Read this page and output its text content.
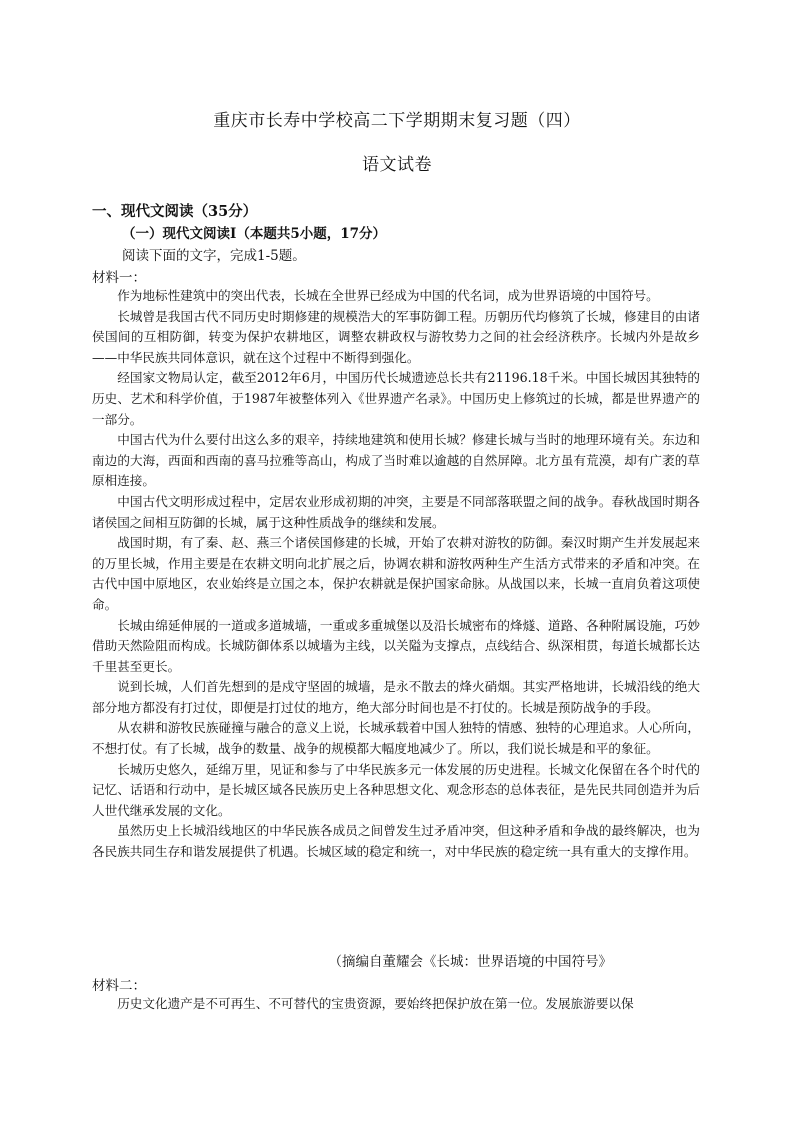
重庆市长寿中学校高二下学期期末复习题（四）
语文试卷
一、现代文阅读（35分）
（一）现代文阅读Ⅰ（本题共5小题，17分）
阅读下面的文字，完成1-5题。
材料一：

作为地标性建筑中的突出代表，长城在全世界已经成为中国的代名词，成为世界语境的中国符号。

长城曾是我国古代不同历史时期修建的规模浩大的军事防御工程。历朝历代均修筑了长城，修建目的由诸侯国间的互相防御，转变为保护农耕地区，调整农耕政权与游牧势力之间的社会经济秩序。长城内外是故乡——中华民族共同体意识，就在这个过程中不断得到强化。

经国家文物局认定，截至2012年6月，中国历代长城遗迹总长共有21196.18千米。中国长城因其独特的历史、艺术和科学价值，于1987年被整体列入《世界遗产名录》。中国历史上修筑过的长城，都是世界遗产的一部分。

中国古代为什么要付出这么多的艰辛，持续地建筑和使用长城？修建长城与当时的地理环境有关。东边和南边的大海，西面和西南的喜马拉雅等高山，构成了当时难以逾越的自然屏障。北方虽有荒漠，却有广袤的草原相连接。

中国古代文明形成过程中，定居农业形成初期的冲突，主要是不同部落联盟之间的战争。春秋战国时期各诸侯国之间相互防御的长城，属于这种性质战争的继续和发展。

战国时期，有了秦、赵、燕三个诸侯国修建的长城，开始了农耕对游牧的防御。秦汉时期产生并发展起来的万里长城，作用主要是在农耕文明向北扩展之后，协调农耕和游牧两种生产生活方式带来的矛盾和冲突。在古代中国中原地区，农业始终是立国之本，保护农耕就是保护国家命脉。从战国以来，长城一直肩负着这项使命。

长城由绵延伸展的一道或多道城墙，一重或多重城堡以及沿长城密布的烽燧、道路、各种附属设施，巧妙借助天然险阻而构成。长城防御体系以城墙为主线，以关隘为支撑点，点线结合、纵深相贯，每道长城都长达千里甚至更长。

说到长城，人们首先想到的是戍守坚固的城墙，是永不散去的烽火硝烟。其实严格地讲，长城沿线的绝大部分地方都没有打过仗，即便是打过仗的地方，绝大部分时间也是不打仗的。长城是预防战争的手段。

从农耕和游牧民族碰撞与融合的意义上说，长城承载着中国人独特的情感、独特的心理追求。人心所向，不想打仗。有了长城，战争的数量、战争的规模都大幅度地减少了。所以，我们说长城是和平的象征。

长城历史悠久，延绵万里，见证和参与了中华民族多元一体发展的历史进程。长城文化保留在各个时代的记忆、话语和行动中，是长城区域各民族历史上各种思想文化、观念形态的总体表征，是先民共同创造并为后人世代继承发展的文化。

虽然历史上长城沿线地区的中华民族各成员之间曾发生过矛盾冲突，但这种矛盾和争战的最终解决，也为各民族共同生存和谐发展提供了机遇。长城区域的稳定和统一，对中华民族的稳定统一具有重大的支撑作用。

（摘编自董耀会《长城：世界语境的中国符号》
材料二：

历史文化遗产是不可再生、不可替代的宝贵资源，要始终把保护放在第一位。发展旅游要以保
